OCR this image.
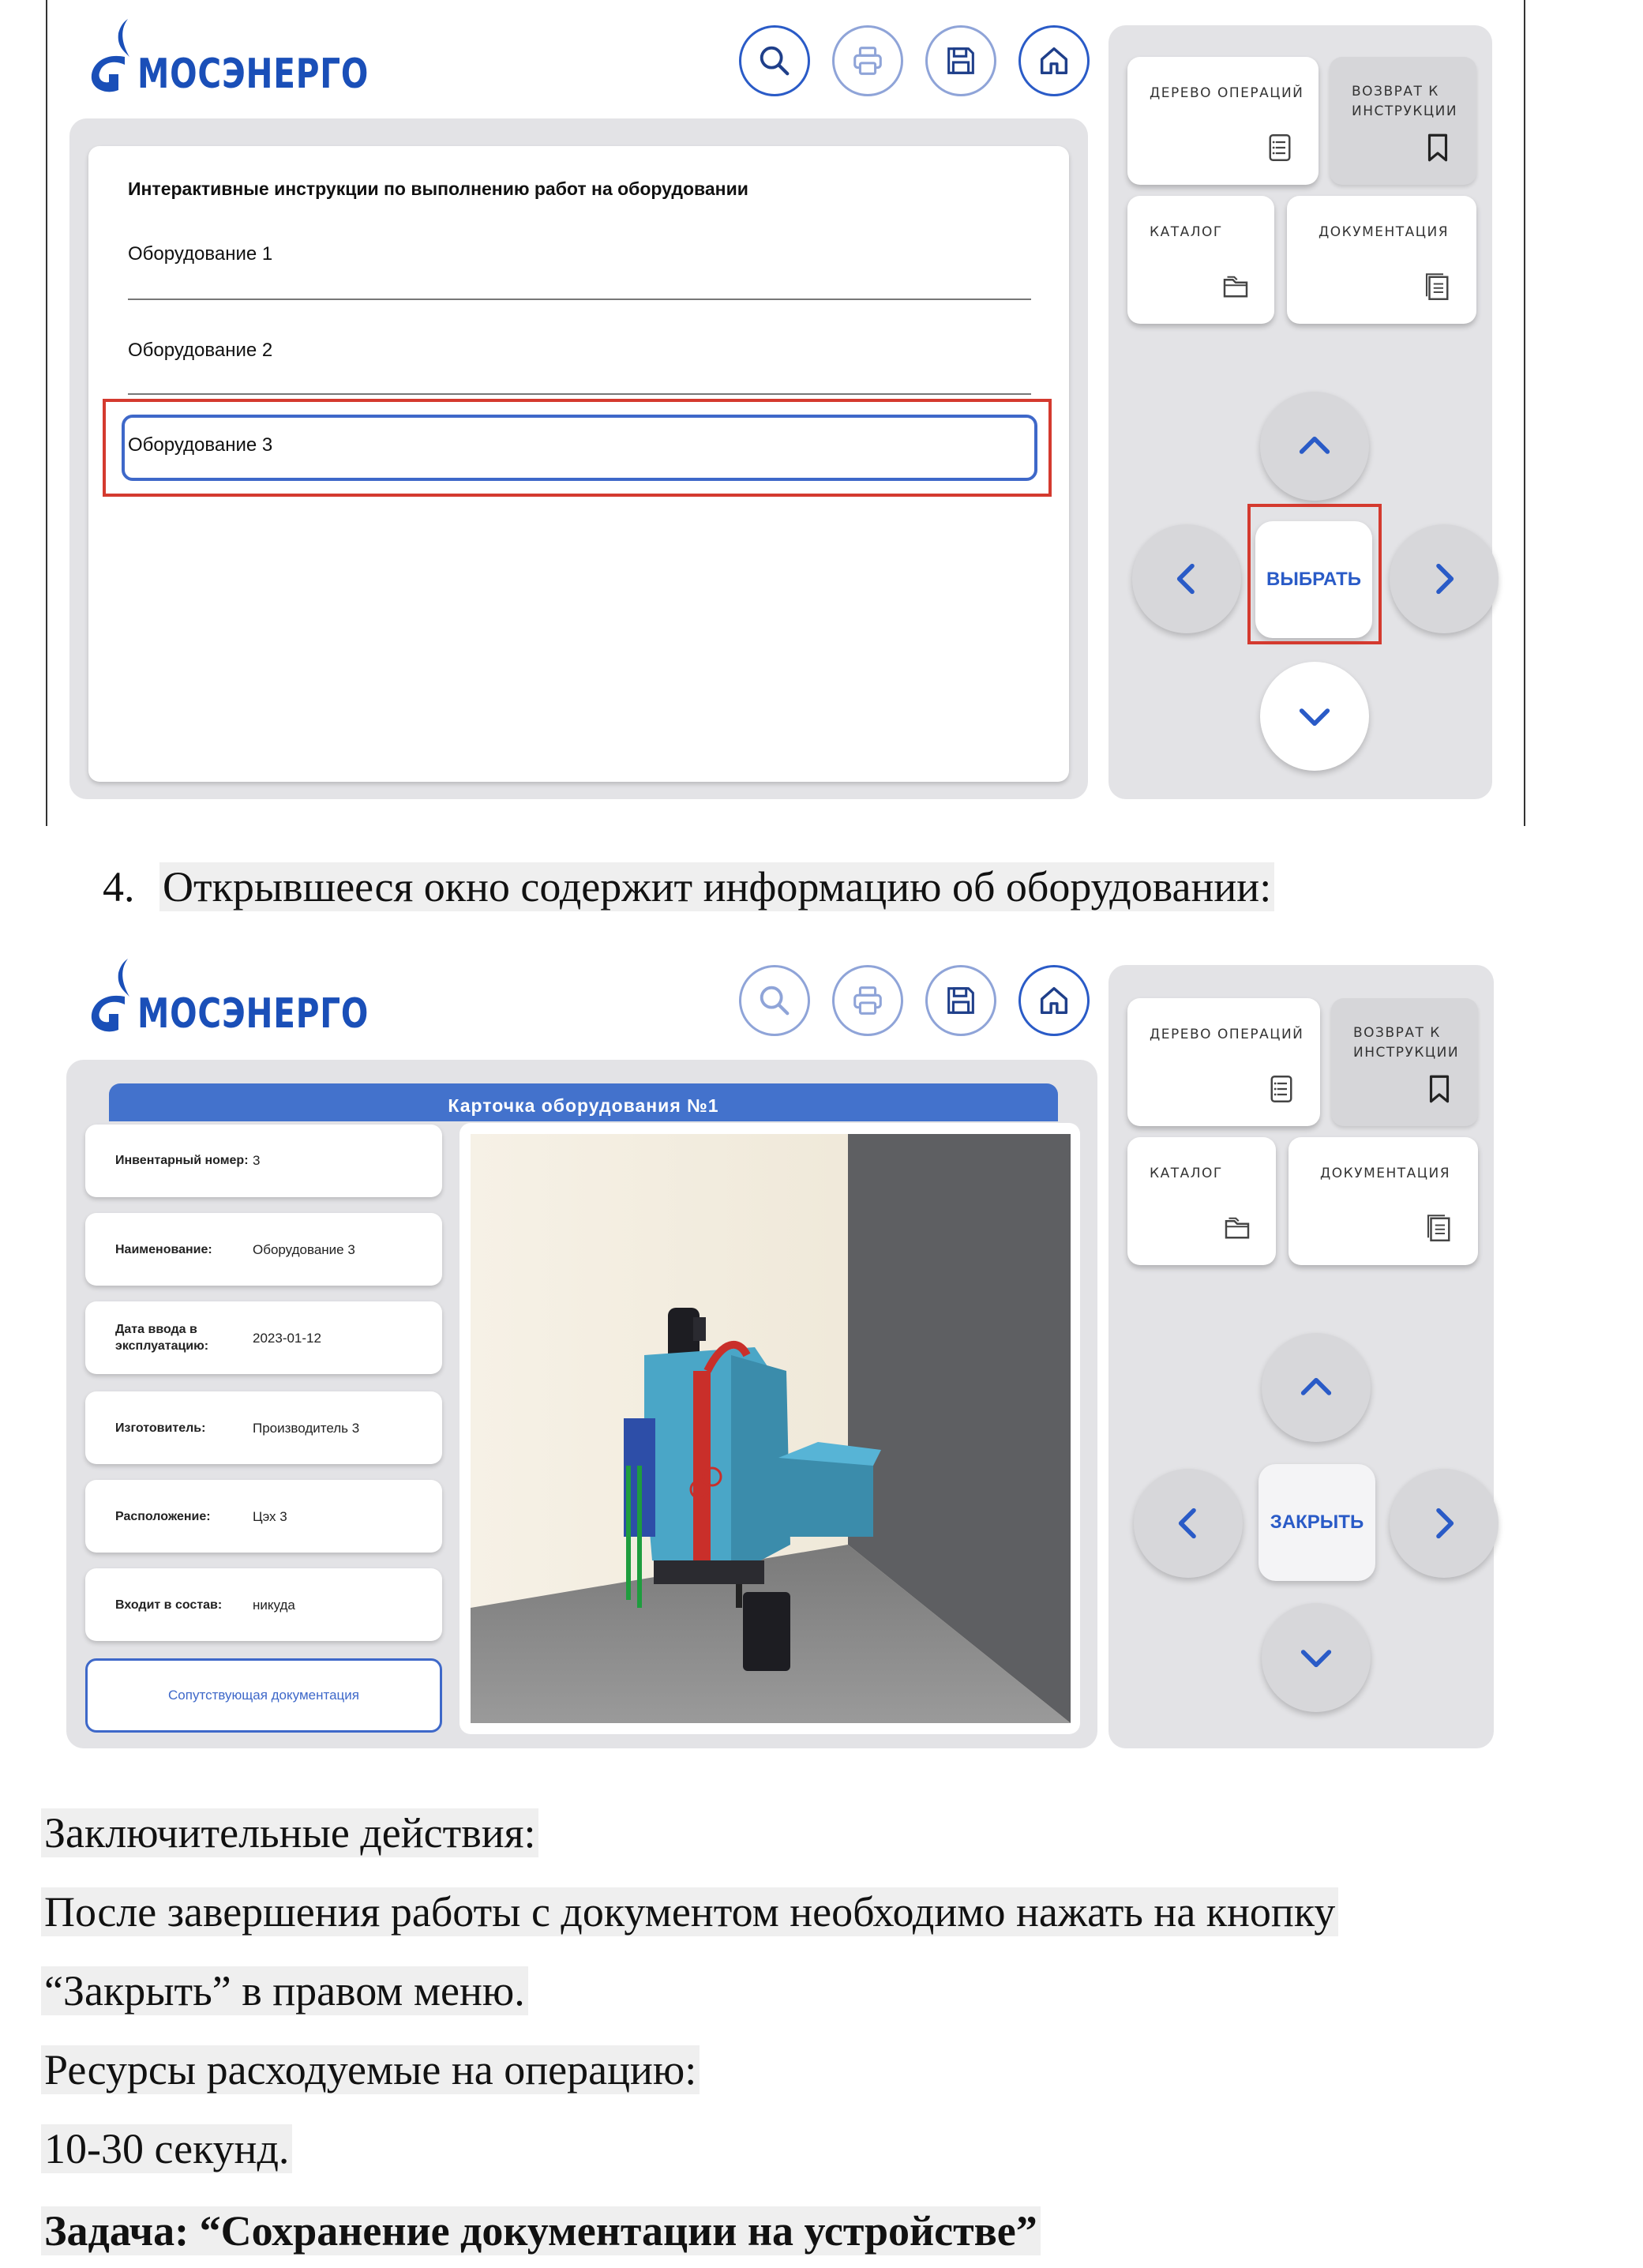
МОСЭНЕРГО
Интерактивные инструкции по выполнению работ на оборудовании
Оборудование 1
Оборудование 2
Оборудование 3
ДЕРЕВО ОПЕРАЦИЙ	ВОЗВРАТ К
ИНСТРУКЦИИ
КАТАЛОГ	ДОКУМЕНТАЦИЯ
ВЫБРАТЬ
4. Открывшееся окно содержит информацию об оборудовании:
МОСЭНЕРГО
Карточка оборудования №1
Инвентарный номер: 3
Наименование:	Оборудование 3
Дата ввода в
эксплуатацию:
2023-01-12
Изготовитель:	Производитель 3
Расположение:	Цэх 3
Входит в состав: никуда
Сопутствующая документация
ДЕРЕВО ОПЕРАЦИЙ	ВОЗВРАТ К
ИНСТРУКЦИИ
КАТАЛОГ	ДОКУМЕНТАЦИЯ
ЗАКРЫТЬ
Заключительные действия:
После завершения работы с документом необходимо нажать на кнопку
“Закрыть” в правом меню.
Ресурсы расходуемые на операцию:
10-30 секунд.
Задача: “Сохранение документации на устройстве”
